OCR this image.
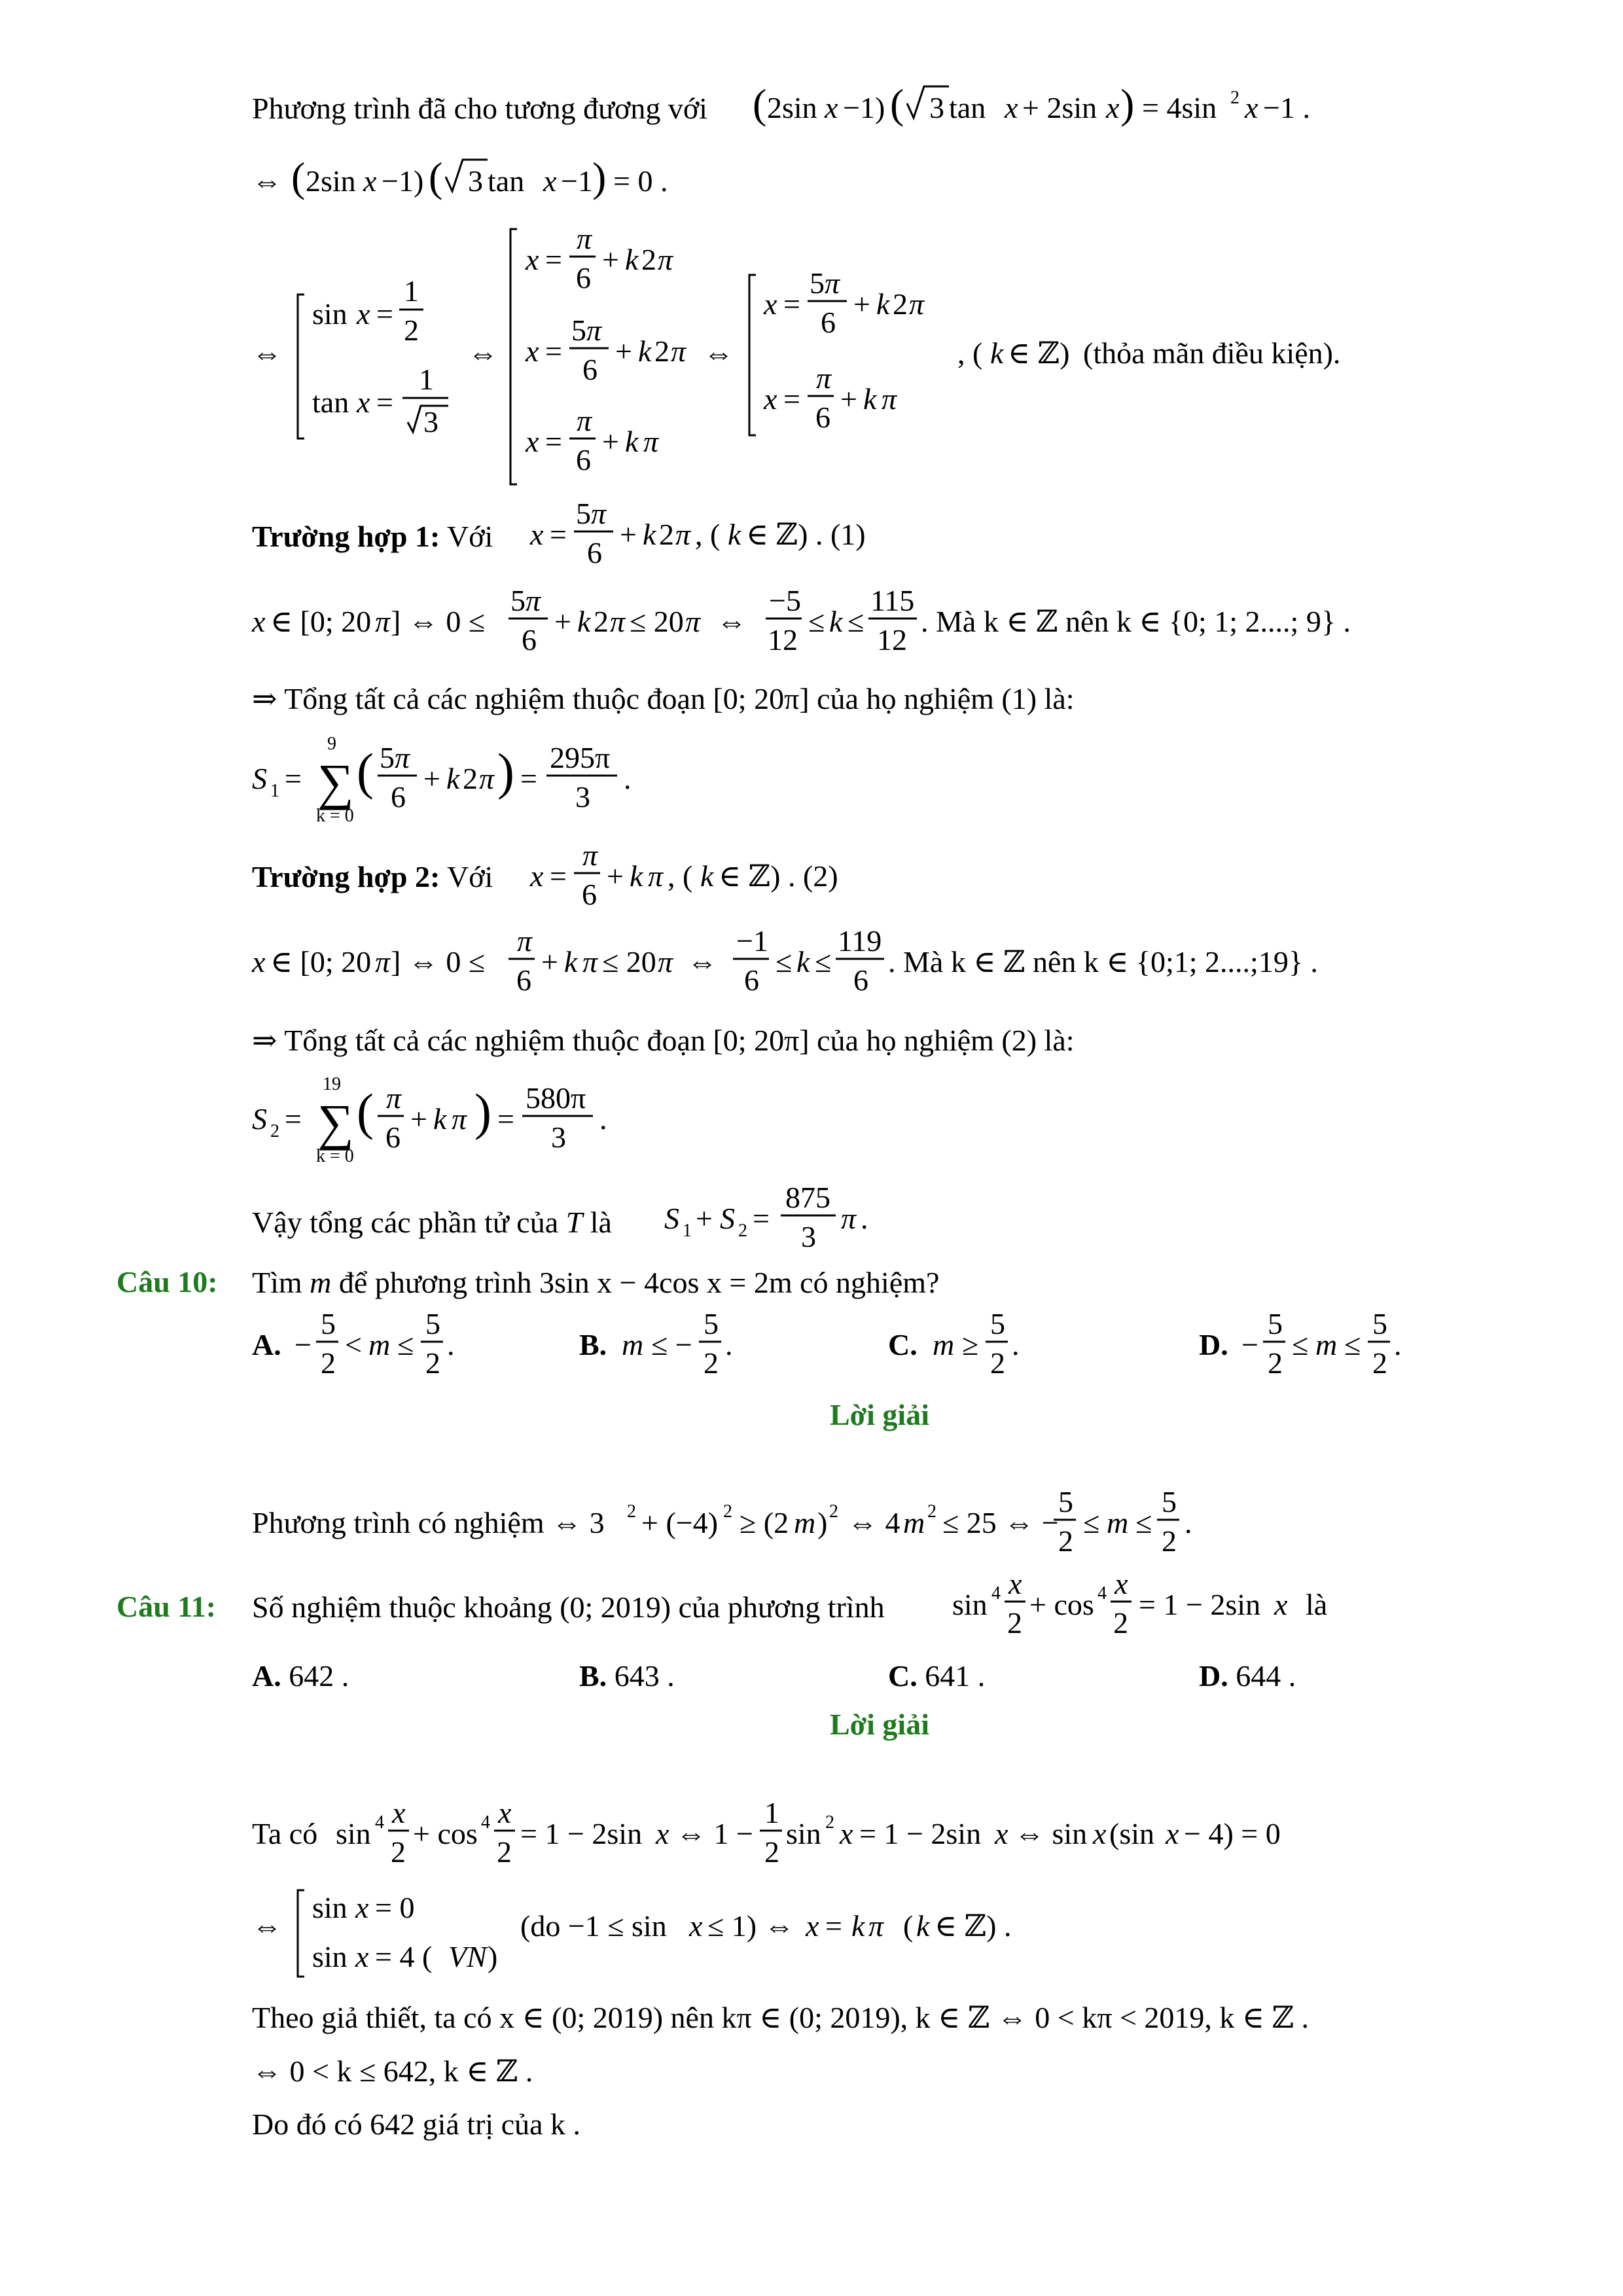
Phương trình đã cho tương đương với ( 2sin x −1) ( 3 tan x + 2sin x ) = 4sin 2 x −1 .
⇔ ( 2sin x −1) ( 3 tan x −1 ) = 0 .
⇔
sin x =
1
2
tan x =
1
3
⇔
x =
π
6
+ k 2 π
x =
5 π
6
+ k 2 π
x =
π
6
+ k π
⇔
x =
5 π
6
+ k 2 π
x =
π
6
+ k π
, ( k ∈ ℤ) (thỏa mãn điều kiện).
Trường hợp 1: Với x =
5 π
6
+ k 2 π , ( k ∈ ℤ) . (1)
x ∈ [0; 20 π ] ⇔ 0 ≤
5 π
6
+ k 2 π ≤ 20 π ⇔
−5
12
≤ k ≤
115
12
. Mà k ∈ ℤ nên k ∈ {0; 1; 2....; 9} .
⇒ Tổng tất cả các nghiệm thuộc đoạn [0; 20π] của họ nghiệm (1) là:
S 1 =
9
∑
k = 0
( 5 π
6
+ k 2 π ) =
295π
3
.
Trường hợp 2: Với x =
π
6
+ k π , ( k ∈ ℤ) . (2)
x ∈ [0; 20 π ] ⇔ 0 ≤
π
6
+ k π ≤ 20 π ⇔
−1
6
≤ k ≤
119
6
. Mà k ∈ ℤ nên k ∈ {0;1; 2....;19} .
⇒ Tổng tất cả các nghiệm thuộc đoạn [0; 20π] của họ nghiệm (2) là:
S 2 =
19
∑
k = 0
( π
6
+ k π ) =
580π
3
.
Vậy tổng các phần tử của T là S 1 + S 2 =
875
3
π .
Câu 10: Tìm m để phương trình 3sin x − 4cos x = 2m có nghiệm?
A. −
5
2
< m ≤
5
2
.	B. m ≤ −
5
2
.	C. m ≥
5
2
.	D. −
5
2
≤ m ≤
5
2
.
Lời giải
Phương trình có nghiệm ⇔ 3 2 + (−4) 2 ≥ (2 m ) 2 ⇔ 4 m 2 ≤ 25 ⇔ −
5
2
≤ m ≤
5
2
.
Câu 11: Số nghiệm thuộc khoảng (0; 2019) của phương trình sin 4 x
2
+ cos 4 x
2
= 1 − 2sin x là
A. 642 .	B. 643 .	C. 641 .	D. 644 .
Lời giải
Ta có sin 4 x
2
+ cos 4 x
2
= 1 − 2sin x ⇔ 1 −
1
2
sin 2 x = 1 − 2sin x ⇔ sin x (sin x − 4) = 0
⇔
sin x = 0
sin x = 4 ( VN )
(do −1 ≤ sin x ≤ 1) ⇔ x = k π ( k ∈ ℤ) .
Theo giả thiết, ta có x ∈ (0; 2019) nên kπ ∈ (0; 2019), k ∈ ℤ ⇔ 0 < kπ < 2019, k ∈ ℤ .
⇔ 0 < k ≤ 642, k ∈ ℤ .
Do đó có 642 giá trị của k .
